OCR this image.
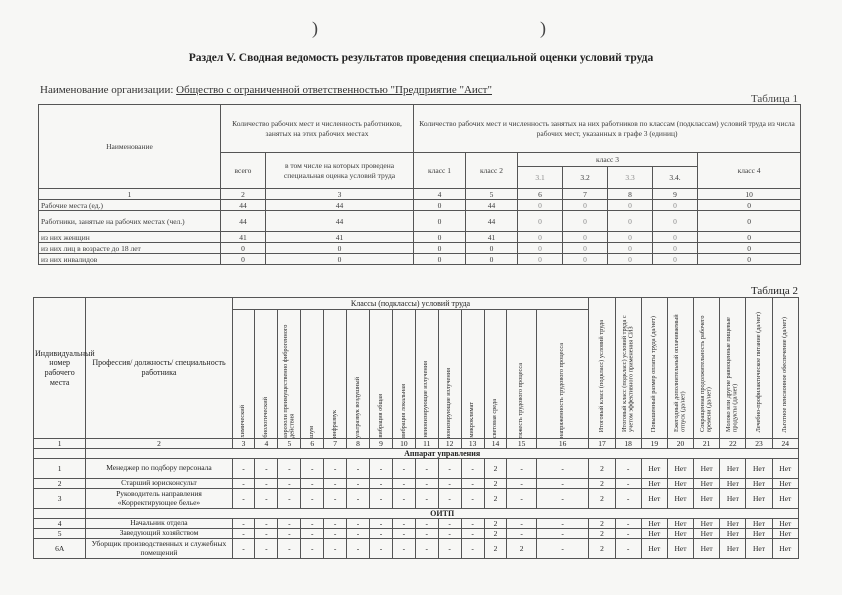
)	)
Раздел V. Сводная ведомость результатов проведения специальной оценки условий труда
Наименование организации: Общество с ограниченной ответственностью "Предприятие "Аист"
Таблица 1
Наименование	Количество рабочих мест и численность работников, занятых на этих рабочих местах		Количество рабочих мест и численность занятых на них работников по классам (подклассам) условий труда из числа рабочих мест, указанных в графе 3 (единиц)						
	всего	в том числе на которых проведена специальная оценка условий труда	класс 1	класс 2	класс 3				класс 4
					3.1	3.2	3.3	3.4.	
1	2	3	4	5	6	7	8	9	10
Рабочие места (ед.)	44	44	0	44	0	0	0	0	0
Работники, занятые на рабочих местах (чел.)	44	44	0	44	0	0	0	0	0
из них женщин	41	41	0	41	0	0	0	0	0
из них лиц в возрасте до 18 лет	0	0	0	0	0	0	0	0	0
из них инвалидов	0	0	0	0	0	0	0	0	0
Таблица 2
Индивидуальный номер рабочего места	Профессия/ должность/ специальность работника	Классы (подклассы) условий труда														Итоговый класс (подкласс) условий труда	Итоговый класс (подкласс) условий труда с учетом эффективного применения СИЗ	Повышенный размер оплаты труда (да/нет)	Ежегодный дополнительный оплачиваемый отпуск (да/нет)	Сокращенная продолжительность рабочего времени (да/нет)	Молоко или другие равноценные пищевые продукты (да/нет)	Лечебно-профилактическое питание (да/нет)	Льготное пенсионное обеспечение (да/нет)

		химический	биологический	аэрозоли преимущественно фиброгенного действия	шум	инфразвук	ультразвук воздушный	вибрация общая	вибрация локальная	неионизирующие излучения	ионизирующие излучения	микроклимат	световая среда	тяжесть трудового процесса	напряженность трудового процесса								

1	2	3	4	5	6	7	8	9	10	11	12	13	14	15	16	17	18	19	20	21	22	23	24
	Аппарат управления																						
1	Менеджер по подбору персонала	-	-	-	-	-	-	-	-	-	-	-	2	-	-	2	-	Нет	Нет	Нет	Нет	Нет	Нет
2	Старший юрисконсульт	-	-	-	-	-	-	-	-	-	-	-	2	-	-	2	-	Нет	Нет	Нет	Нет	Нет	Нет
3	Руководитель направления «Корректирующее белье»	-	-	-	-	-	-	-	-	-	-	-	2	-	-	2	-	Нет	Нет	Нет	Нет	Нет	Нет
	ОИТП																						
4	Начальник отдела	-	-	-	-	-	-	-	-	-	-	-	2	-	-	2	-	Нет	Нет	Нет	Нет	Нет	Нет
5	Заведующий хозяйством	-	-	-	-	-	-	-	-	-	-	-	2	-	-	2	-	Нет	Нет	Нет	Нет	Нет	Нет
6А	Уборщик производственных и служебных помещений	-	-	-	-	-	-	-	-	-	-	-	2	2	-	2	-	Нет	Нет	Нет	Нет	Нет	Нет
